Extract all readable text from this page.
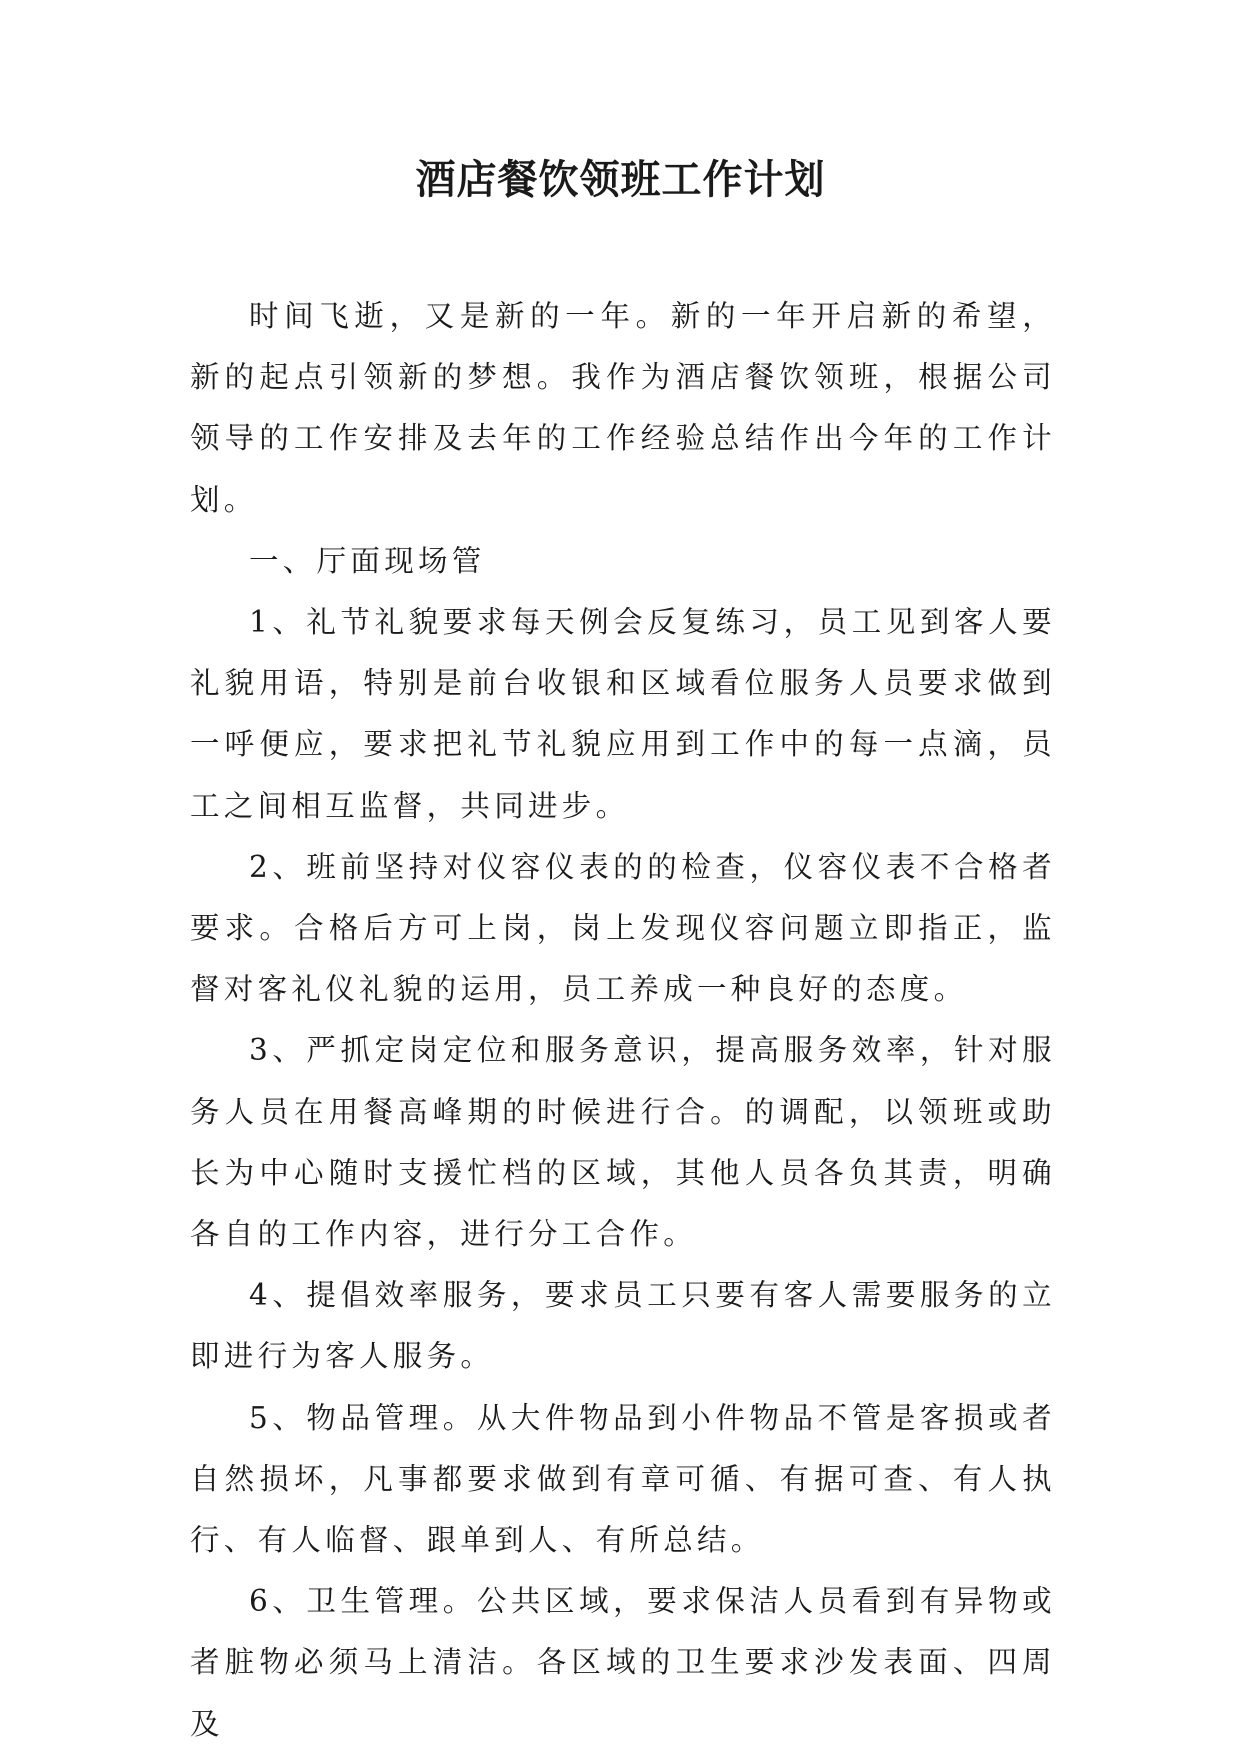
酒店餐饮领班工作计划

时间飞逝，又是新的一年。新的一年开启新的希望，新的起点引领新的梦想。我作为酒店餐饮领班，根据公司领导的工作安排及去年的工作经验总结作出今年的工作计划。

一、厅面现场管

1、礼节礼貌要求每天例会反复练习，员工见到客人要礼貌用语，特别是前台收银和区域看位服务人员要求做到一呼便应，要求把礼节礼貌应用到工作中的每一点滴，员工之间相互监督，共同进步。

2、班前坚持对仪容仪表的的检查，仪容仪表不合格者要求。合格后方可上岗，岗上发现仪容问题立即指正，监督对客礼仪礼貌的运用，员工养成一种良好的态度。

3、严抓定岗定位和服务意识，提高服务效率，针对服务人员在用餐高峰期的时候进行合。的调配，以领班或助长为中心随时支援忙档的区域，其他人员各负其责，明确各自的工作内容，进行分工合作。

4、提倡效率服务，要求员工只要有客人需要服务的立即进行为客人服务。

5、物品管理。从大件物品到小件物品不管是客损或者自然损坏，凡事都要求做到有章可循、有据可查、有人执行、有人临督、跟单到人、有所总结。

6、卫生管理。公共区域，要求保洁人员看到有异物或者脏物必须马上清洁。各区域的卫生要求沙发表面、四周及
